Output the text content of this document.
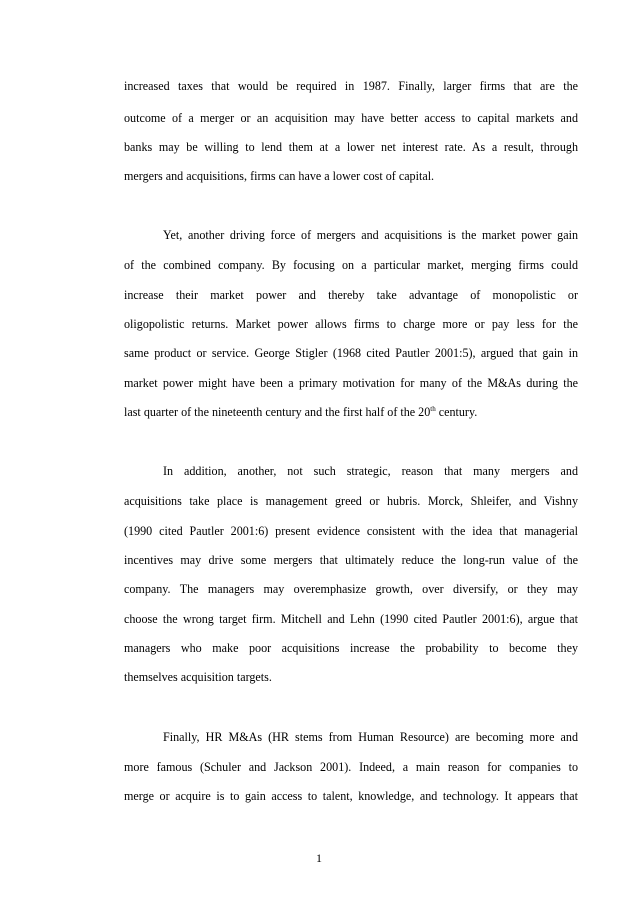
increased taxes that would be required in 1987. Finally, larger firms that are the
outcome of a merger or an acquisition may have better access to capital markets and
banks may be willing to lend them at a lower net interest rate. As a result, through
mergers and acquisitions, firms can have a lower cost of capital.
Yet, another driving force of mergers and acquisitions is the market power gain
of the combined company. By focusing on a particular market, merging firms could
increase their market power and thereby take advantage of monopolistic or
oligopolistic returns. Market power allows firms to charge more or pay less for the
same product or service. George Stigler (1968 cited Pautler 2001:5), argued that gain in
market power might have been a primary motivation for many of the M&As during the
last quarter of the nineteenth century and the first half of the 20th century.
In addition, another, not such strategic, reason that many mergers and
acquisitions take place is management greed or hubris. Morck, Shleifer, and Vishny
(1990 cited Pautler 2001:6) present evidence consistent with the idea that managerial
incentives may drive some mergers that ultimately reduce the long-run value of the
company. The managers may overemphasize growth, over diversify, or they may
choose the wrong target firm. Mitchell and Lehn (1990 cited Pautler 2001:6), argue that
managers who make poor acquisitions increase the probability to become they
themselves acquisition targets.
Finally, HR M&As (HR stems from Human Resource) are becoming more and
more famous (Schuler and Jackson 2001). Indeed, a main reason for companies to
merge or acquire is to gain access to talent, knowledge, and technology. It appears that
1
